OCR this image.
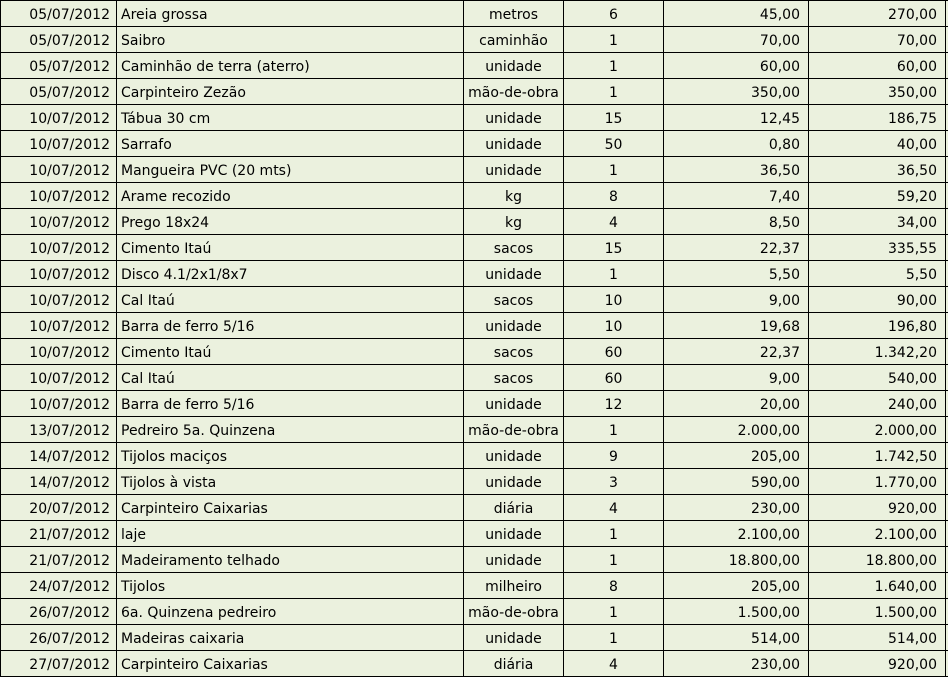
05/07/2012 Areia grossa	metros	6	45,00	270,00
05/07/2012 Saibro	caminhão	1	70,00	70,00
05/07/2012 Caminhão de terra (aterro)	unidade	1	60,00	60,00
05/07/2012 Carpinteiro Zezão	mão-de-obra	1	350,00	350,00
10/07/2012 Tábua 30 cm	unidade	15	12,45	186,75
10/07/2012 Sarrafo	unidade	50	0,80	40,00
10/07/2012 Mangueira PVC (20 mts)	unidade	1	36,50	36,50
10/07/2012 Arame recozido	kg	8	7,40	59,20
10/07/2012 Prego 18x24	kg	4	8,50	34,00
10/07/2012 Cimento Itaú	sacos	15	22,37	335,55
10/07/2012 Disco 4.1/2x1/8x7	unidade	1	5,50	5,50
10/07/2012 Cal Itaú	sacos	10	9,00	90,00
10/07/2012 Barra de ferro 5/16	unidade	10	19,68	196,80
10/07/2012 Cimento Itaú	sacos	60	22,37	1.342,20
10/07/2012 Cal Itaú	sacos	60	9,00	540,00
10/07/2012 Barra de ferro 5/16	unidade	12	20,00	240,00
13/07/2012 Pedreiro 5a. Quinzena	mão-de-obra	1	2.000,00	2.000,00
14/07/2012 Tijolos maciços	unidade	9	205,00	1.742,50
14/07/2012 Tijolos à vista	unidade	3	590,00	1.770,00
20/07/2012 Carpinteiro Caixarias	diária	4	230,00	920,00
21/07/2012 laje	unidade	1	2.100,00	2.100,00
21/07/2012 Madeiramento telhado	unidade	1	18.800,00	18.800,00
24/07/2012 Tijolos	milheiro	8	205,00	1.640,00
26/07/2012 6a. Quinzena pedreiro	mão-de-obra	1	1.500,00	1.500,00
26/07/2012 Madeiras caixaria	unidade	1	514,00	514,00
27/07/2012 Carpinteiro Caixarias	diária	4	230,00	920,00
